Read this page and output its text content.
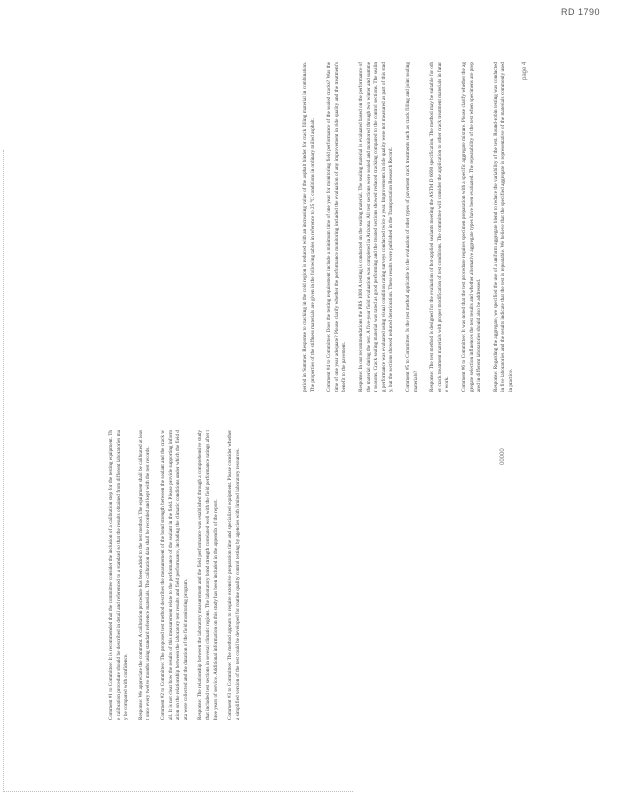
RD 1790
00000
page 4

period in Summer. Response to cracking in the cold region is reduced with an increasing value of the asphalt binder for crack filling material in combination. The properties of the stiffness materials are given in the following tables in reference to 25 °C conditions in ordinary milled asphalt.	Comment #4 to Committee: Does the testing requirement include a minimum time of one year for monitoring field performance of the sealed cracks? Was the time of one year adequate? Please clarify whether the performance monitoring included the evaluation of any improvement in ride quality and the treatment's benefit to the pavement.	Response: In our recommendations the PRS 1000 A testing is conducted on the sealing material. The sealing material is evaluated based on the performance of the material during the test. A five-year field evaluation was completed in Arizona. All test sections were sealed and monitored through two winter and summer seasons. Crack sealing material was rated as good performing and the treated sections showed reduced cracking compared to the control sections. The sealing performance was evaluated using visual condition rating surveys conducted twice a year. Improvements in ride quality were not measured as part of this study, but the sections showed reduced deterioration. These results were published in the Transportation Research Record.	Comment #5 to Committee: Is the test method applicable to the evaluation of other types of pavement crack treatments such as crack filling and joint sealing materials?	Response: The test method is designed for the evaluation of hot-applied sealants meeting the ASTM D 6690 specification. The method may be suitable for other crack treatment materials with proper modification of test conditions. The committee will consider the application to other crack treatment materials in future work.	Comment #6 to Committee: It was noted that the test procedure requires specimen preparation with a specific aggregate mixture. Please clarify whether the aggregate selection influences the test results and whether alternative aggregate types have been evaluated. The repeatability of the test when specimens are prepared in different laboratories should also be addressed.	Response: Regarding the aggregate, we specified the use of a uniform aggregate blend to reduce the variability of the test. Round-robin testing was conducted in five laboratories and the results indicate that the test is repeatable. We believe that the specified aggregate is representative of the materials commonly used in practice.

Comment #1 to Committee: It is recommended that the committee consider the inclusion of a calibration step for the testing equipment. The calibration procedure should be described in detail and referenced to a standard so that the results obtained from different laboratories may be compared with confidence.	Response: We appreciate the comment. A calibration procedure has been added to the test method. The equipment shall be calibrated at least once every twelve months using standard reference materials. The calibration data shall be recorded and kept with the test records.	Comment #2 to Committee: The proposed test method describes the measurement of the bond strength between the sealant and the crack wall. It is not clear how the results of this measurement relate to the performance of the sealant in the field. Please provide supporting information on the relationship between the laboratory test results and field performance, including the climatic conditions under which the field data were collected and the duration of the field monitoring program.	Response: The relationship between the laboratory measurement and the field performance was established through a comprehensive study that included test sections in several climatic regions. The laboratory bond strength correlated well with the field performance ratings after three years of service. Additional information on this study has been included in the appendix of the report.	Comment #3 to Committee: The method appears to require extensive preparation time and specialized equipment. Please consider whether a simplified version of the test could be developed for routine quality control testing by agencies with limited laboratory resources.
